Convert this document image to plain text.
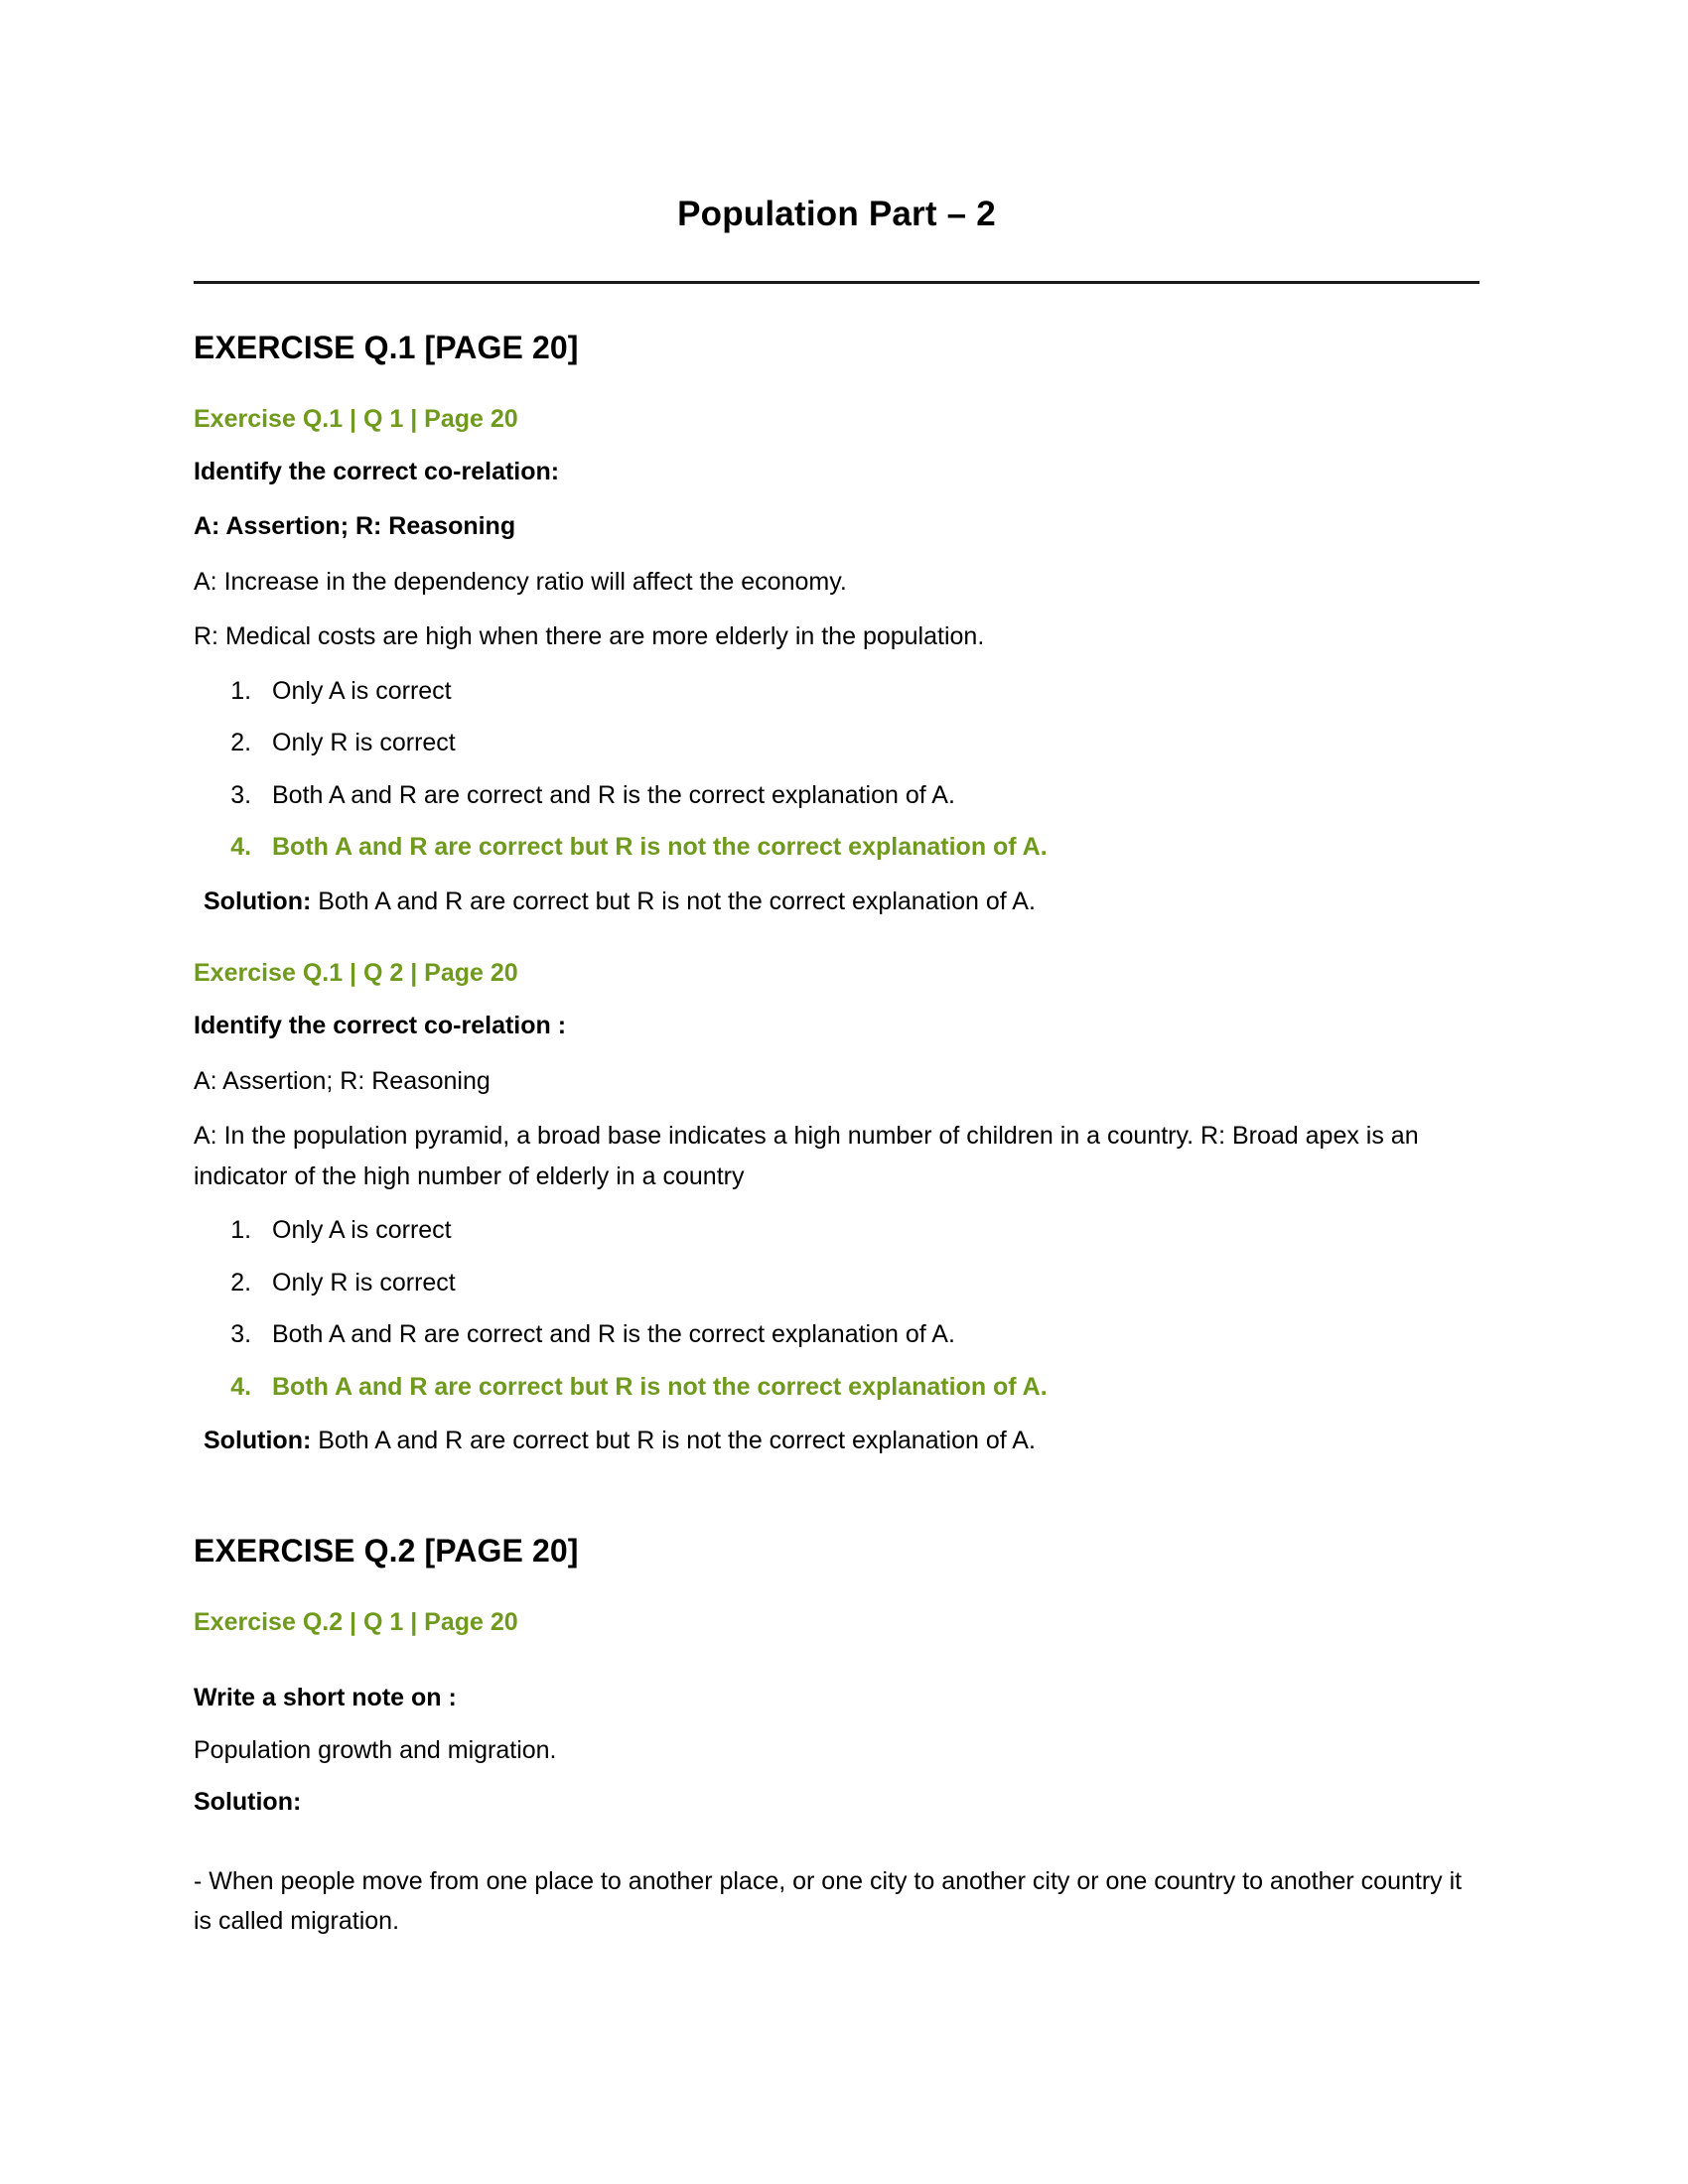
Population Part – 2
EXERCISE Q.1 [PAGE 20]

Exercise Q.1 | Q 1 | Page 20

Identify the correct co-relation:

A: Assertion; R: Reasoning

A: Increase in the dependency ratio will affect the economy.

R: Medical costs are high when there are more elderly in the population.

1. Only A is correct
2. Only R is correct
3. Both A and R are correct and R is the correct explanation of A.
4. Both A and R are correct but R is not the correct explanation of A.

Solution: Both A and R are correct but R is not the correct explanation of A.

Exercise Q.1 | Q 2 | Page 20

Identify the correct co-relation :

A: Assertion; R: Reasoning

A: In the population pyramid, a broad base indicates a high number of children in a country. R: Broad apex is an indicator of the high number of elderly in a country

1. Only A is correct
2. Only R is correct
3. Both A and R are correct and R is the correct explanation of A.
4. Both A and R are correct but R is not the correct explanation of A.

Solution: Both A and R are correct but R is not the correct explanation of A.

EXERCISE Q.2 [PAGE 20]

Exercise Q.2 | Q 1 | Page 20

Write a short note on :

Population growth and migration.

Solution:

- When people move from one place to another place, or one city to another city or one country to another country it is called migration.
